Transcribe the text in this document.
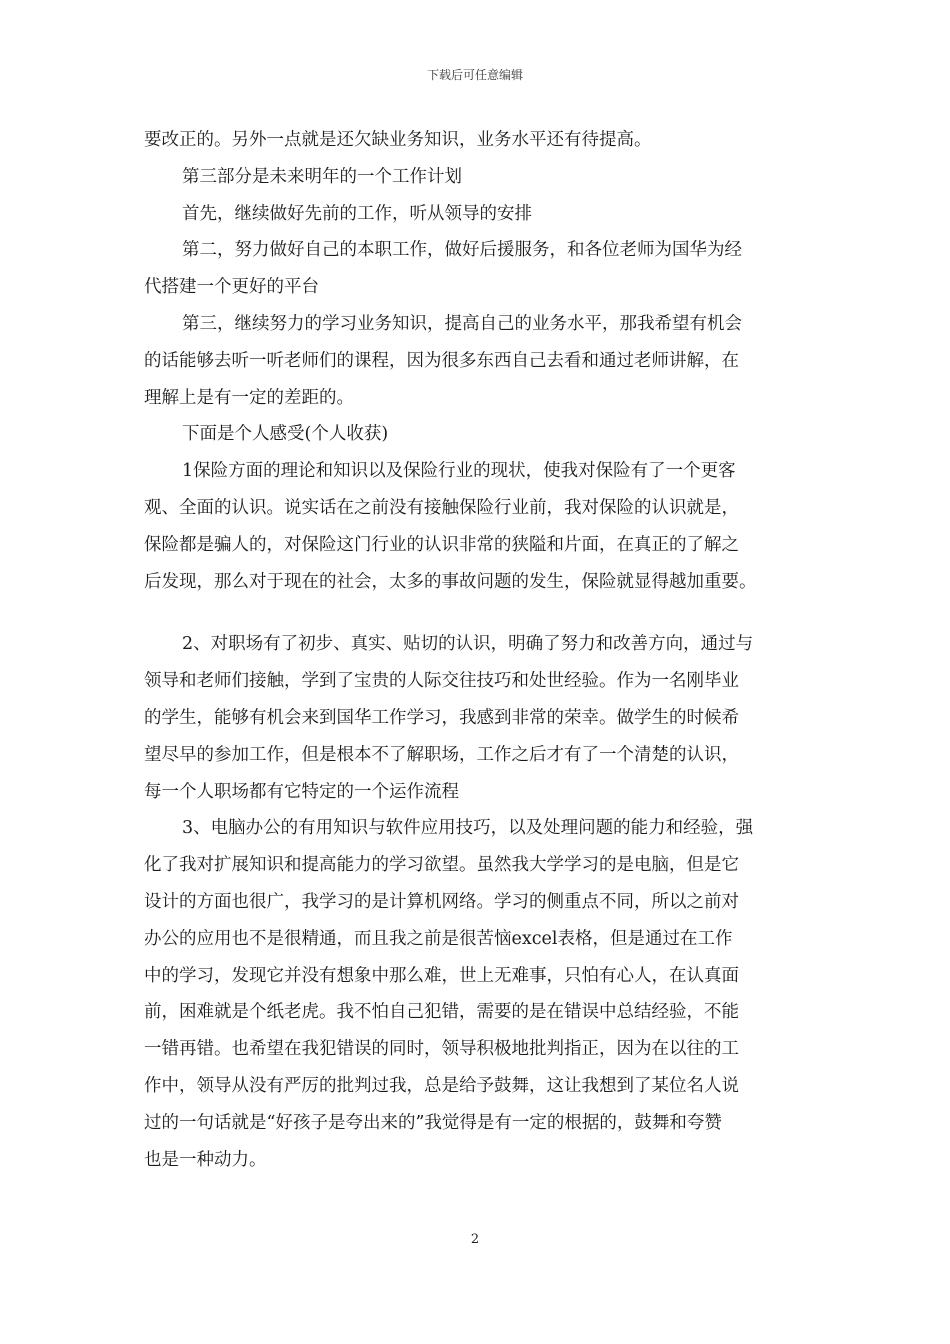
下载后可任意编辑
要改正的。另外一点就是还欠缺业务知识，业务水平还有待提高。
第三部分是未来明年的一个工作计划
首先，继续做好先前的工作，听从领导的安排
第二，努力做好自己的本职工作，做好后援服务，和各位老师为国华为经
代搭建一个更好的平台
第三，继续努力的学习业务知识，提高自己的业务水平，那我希望有机会
的话能够去听一听老师们的课程，因为很多东西自己去看和通过老师讲解，在
理解上是有一定的差距的。
下面是个人感受(个人收获)
1保险方面的理论和知识以及保险行业的现状，使我对保险有了一个更客
观、全面的认识。说实话在之前没有接触保险行业前，我对保险的认识就是，
保险都是骗人的，对保险这门行业的认识非常的狭隘和片面，在真正的了解之
后发现，那么对于现在的社会，太多的事故问题的发生，保险就显得越加重要。
2、对职场有了初步、真实、贴切的认识，明确了努力和改善方向，通过与
领导和老师们接触，学到了宝贵的人际交往技巧和处世经验。作为一名刚毕业
的学生，能够有机会来到国华工作学习，我感到非常的荣幸。做学生的时候希
望尽早的参加工作，但是根本不了解职场，工作之后才有了一个清楚的认识，
每一个人职场都有它特定的一个运作流程
3、电脑办公的有用知识与软件应用技巧，以及处理问题的能力和经验，强
化了我对扩展知识和提高能力的学习欲望。虽然我大学学习的是电脑，但是它
设计的方面也很广，我学习的是计算机网络。学习的侧重点不同，所以之前对
办公的应用也不是很精通，而且我之前是很苦恼excel表格，但是通过在工作
中的学习，发现它并没有想象中那么难，世上无难事，只怕有心人，在认真面
前，困难就是个纸老虎。我不怕自己犯错，需要的是在错误中总结经验，不能
一错再错。也希望在我犯错误的同时，领导积极地批判指正，因为在以往的工
作中，领导从没有严厉的批判过我，总是给予鼓舞，这让我想到了某位名人说
过的一句话就是“好孩子是夸出来的”我觉得是有一定的根据的，鼓舞和夸赞
也是一种动力。
2
